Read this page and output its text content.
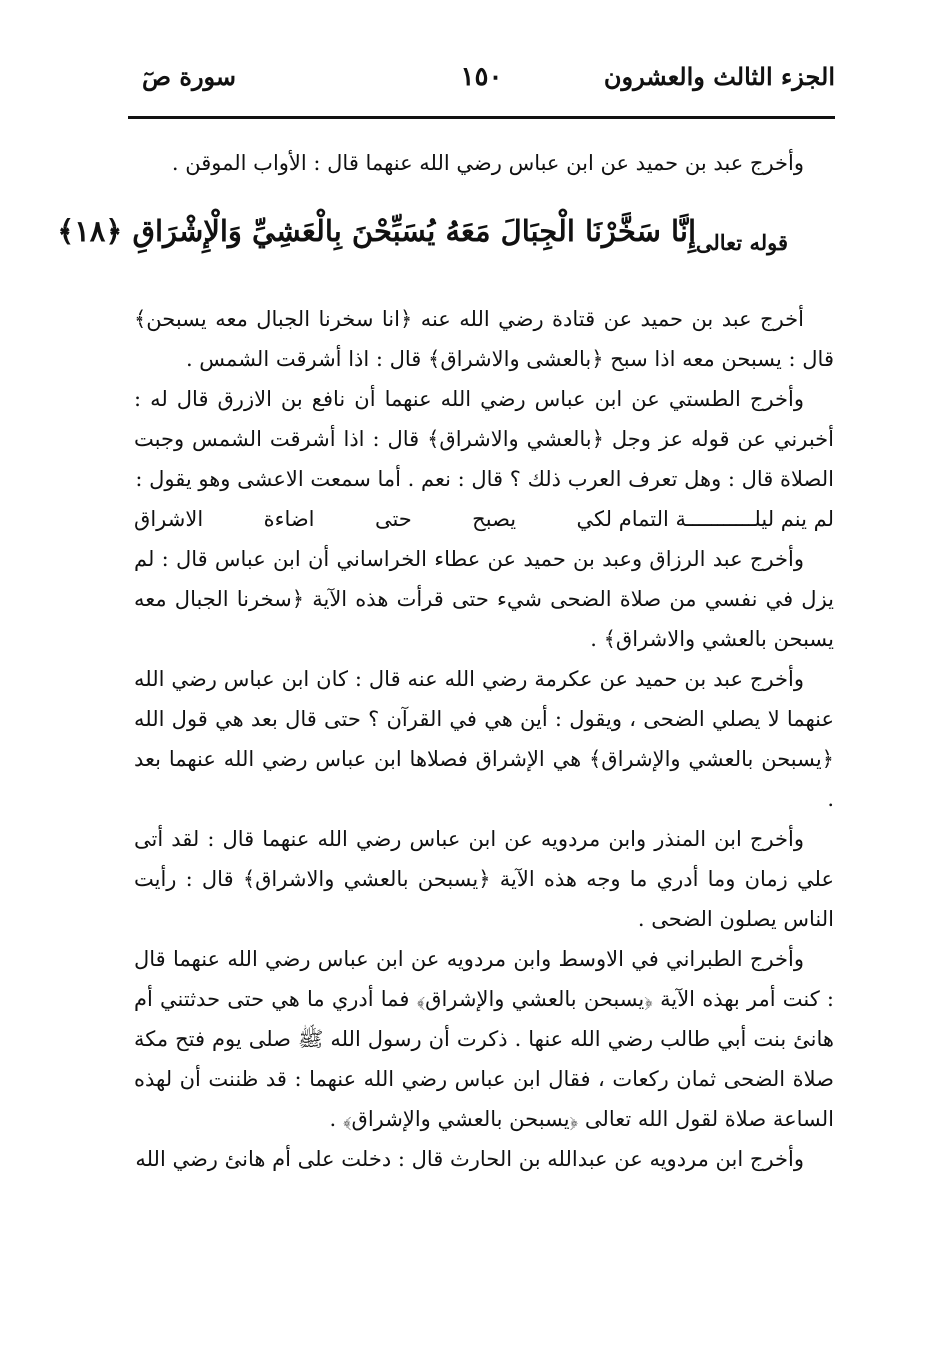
الجزء الثالث والعشرون
١٥٠
سورة صٓ

وأخرج عبد بن حميد عن ابن عباس رضي الله عنهما قال : الأواب الموقن .

قوله تعالى
إِنَّا سَخَّرْنَا الْجِبَالَ مَعَهُ يُسَبِّحْنَ بِالْعَشِيِّ وَالْإِشْرَاقِ ﴿١٨﴾

أخرج عبد بن حميد عن قتادة رضي الله عنه ﴿انا سخرنا الجبال معه يسبحن﴾ قال : يسبحن معه اذا سبح ﴿بالعشى والاشراق﴾ قال : اذا أشرقت الشمس .

وأخرج الطستي عن ابن عباس رضي الله عنهما أن نافع بن الازرق قال له : أخبرني عن قوله عز وجل ﴿بالعشي والاشراق﴾ قال : اذا أشرقت الشمس وجبت الصلاة قال : وهل تعرف العرب ذلك ؟ قال : نعم . أما سمعت الاعشى وهو يقول :

لم ينم ليلـــــــــــة التمام لكي
يصبح
حتى
اضاءة
الاشراق

وأخرج عبد الرزاق وعبد بن حميد عن عطاء الخراساني أن ابن عباس قال : لم يزل في نفسي من صلاة الضحى شيء حتى قرأت هذه الآية ﴿سخرنا الجبال معه يسبحن بالعشي والاشراق﴾ .

وأخرج عبد بن حميد عن عكرمة رضي الله عنه قال : كان ابن عباس رضي الله عنهما لا يصلي الضحى ، ويقول : أين هي في القرآن ؟ حتى قال بعد هي قول الله ﴿يسبحن بالعشي والإشراق﴾ هي الإشراق فصلاها ابن عباس رضي الله عنهما بعد .

وأخرج ابن المنذر وابن مردويه عن ابن عباس رضي الله عنهما قال : لقد أتى علي زمان وما أدري ما وجه هذه الآية ﴿يسبحن بالعشي والاشراق﴾ قال : رأيت الناس يصلون الضحى .

وأخرج الطبراني في الاوسط وابن مردويه عن ابن عباس رضي الله عنهما قال : كنت أمر بهذه الآية ﴿يسبحن بالعشي والإشراق﴾ فما أدري ما هي حتى حدثتني أم هانئ بنت أبي طالب رضي الله عنها . ذكرت أن رسول الله ﷺ صلى يوم فتح مكة صلاة الضحى ثمان ركعات ، فقال ابن عباس رضي الله عنهما : قد ظننت أن لهذه الساعة صلاة لقول الله تعالى ﴿يسبحن بالعشي والإشراق﴾ .

وأخرج ابن مردويه عن عبدالله بن الحارث قال : دخلت على أم هانئ رضي الله
